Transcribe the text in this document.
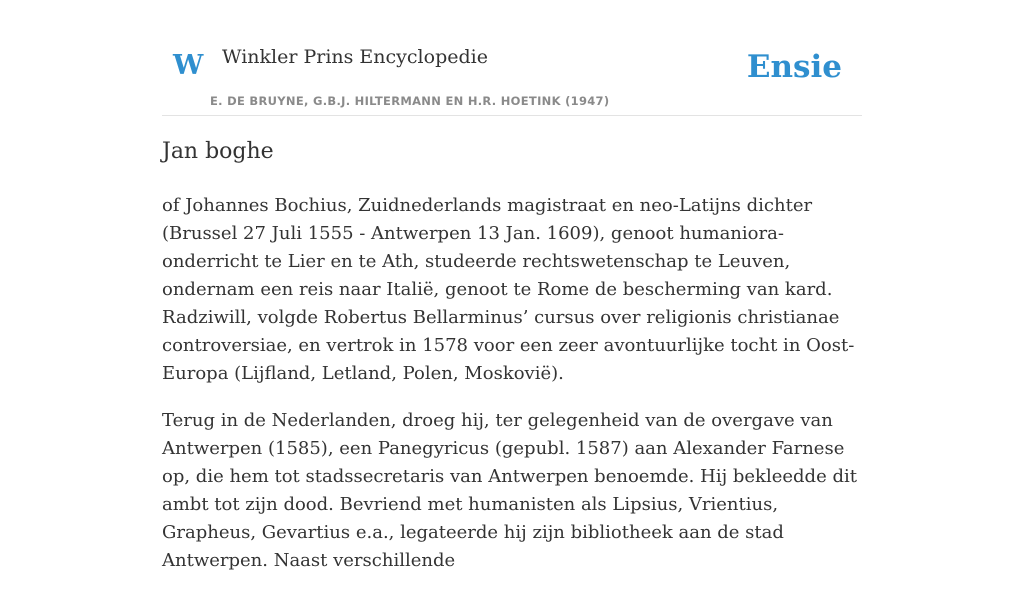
W Winkler Prins Encyclopedie
E. DE BRUYNE, G.B.J. HILTERMANN EN H.R. HOETINK (1947)
Ensie
Jan boghe

of Johannes Bochius, Zuidnederlands magistraat en neo-Latijns dichter (Brussel 27 Juli 1555 - Antwerpen 13 Jan. 1609), genoot humaniora-onderricht te Lier en te Ath, studeerde rechtswetenschap te Leuven, ondernam een reis naar Italië, genoot te Rome de bescherming van kard. Radziwill, volgde Robertus Bellarminus’ cursus over religionis christianae controversiae, en vertrok in 1578 voor een zeer avontuurlijke tocht in Oost-Europa (Lijfland, Letland, Polen, Moskovië).

Terug in de Nederlanden, droeg hij, ter gelegenheid van de overgave van Antwerpen (1585), een Panegyricus (gepubl. 1587) aan Alexander Farnese op, die hem tot stadssecretaris van Antwerpen benoemde. Hij bekleedde dit ambt tot zijn dood. Bevriend met humanisten als Lipsius, Vrientius, Grapheus, Gevartius e.a., legateerde hij zijn bibliotheek aan de stad Antwerpen. Naast verschillende
